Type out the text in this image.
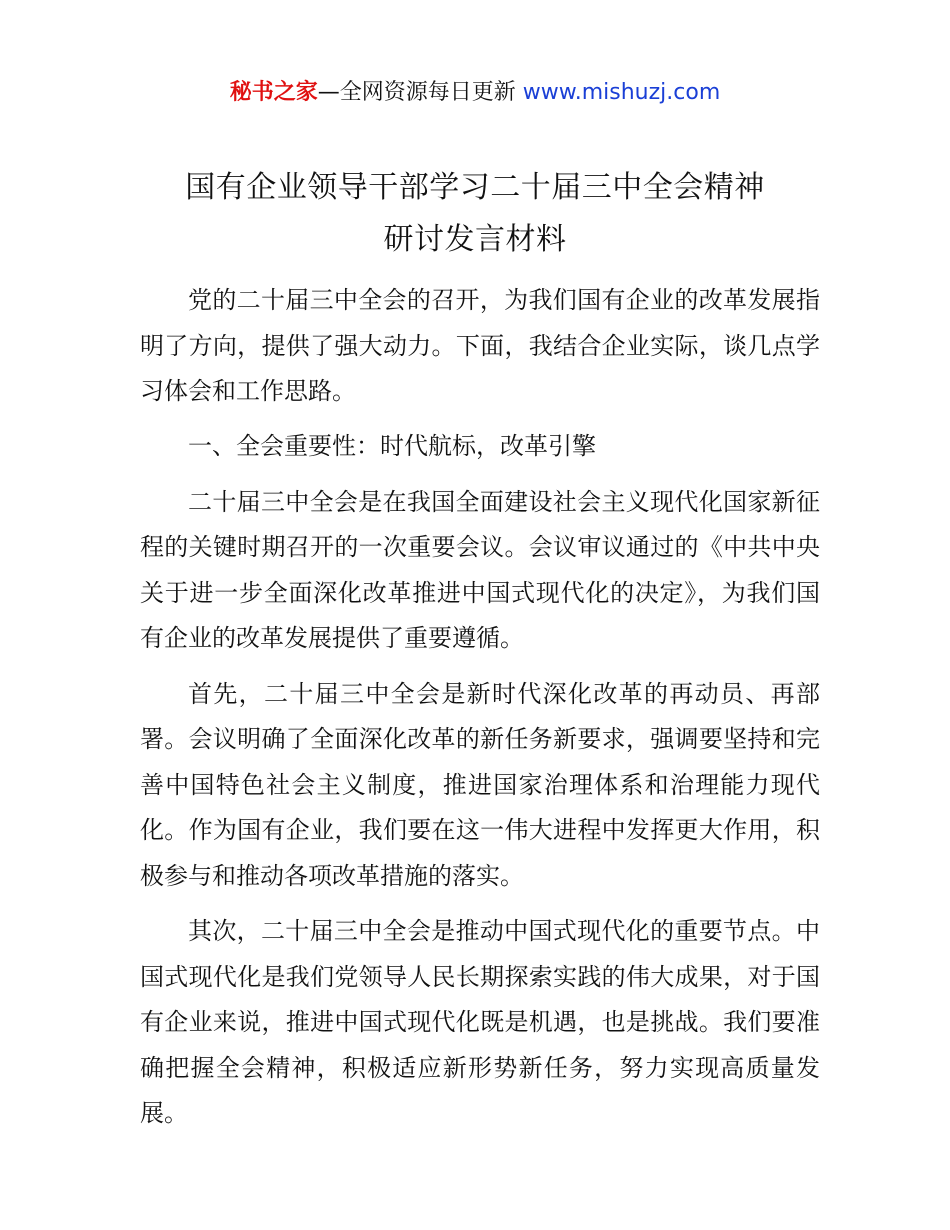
秘书之家—全网资源每日更新 www.mishuzj.com
国有企业领导干部学习二十届三中全会精神
研讨发言材料

党的二十届三中全会的召开，为我们国有企业的改革发展指明了方向，提供了强大动力。下面，我结合企业实际，谈几点学习体会和工作思路。

一、全会重要性：时代航标，改革引擎

二十届三中全会是在我国全面建设社会主义现代化国家新征程的关键时期召开的一次重要会议。会议审议通过的《中共中央关于进一步全面深化改革推进中国式现代化的决定》，为我们国有企业的改革发展提供了重要遵循。

首先，二十届三中全会是新时代深化改革的再动员、再部署。会议明确了全面深化改革的新任务新要求，强调要坚持和完善中国特色社会主义制度，推进国家治理体系和治理能力现代化。作为国有企业，我们要在这一伟大进程中发挥更大作用，积极参与和推动各项改革措施的落实。

其次，二十届三中全会是推动中国式现代化的重要节点。中国式现代化是我们党领导人民长期探索实践的伟大成果，对于国有企业来说，推进中国式现代化既是机遇，也是挑战。我们要准确把握全会精神，积极适应新形势新任务，努力实现高质量发展。
